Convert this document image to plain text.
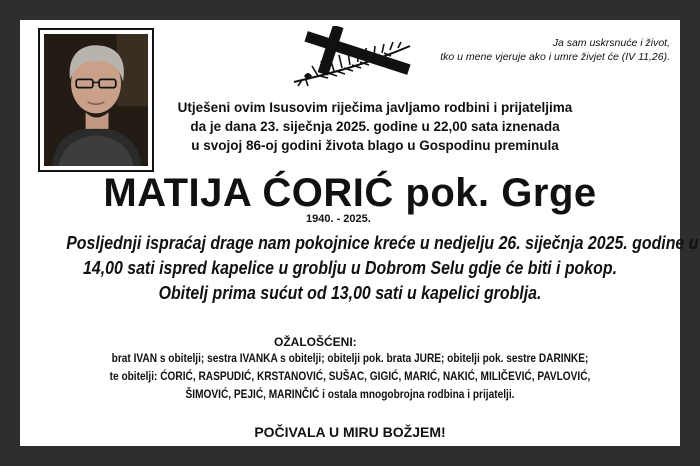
Ja sam uskrsnuće i život,
tko u mene vjeruje ako i umre živjet će (IV 11,26).
Utješeni ovim Isusovim riječima javljamo rodbini i prijateljima
da je dana 23. siječnja 2025. godine u 22,00 sata iznenada
u svojoj 86-oj godini života blago u Gospodinu preminula
MATIJA ĆORIĆ pok. Grge
1940. - 2025.
Posljednji ispraćaj drage nam pokojnice kreće u nedjelju 26. siječnja 2025. godine u
14,00 sati ispred kapelice u groblju u Dobrom Selu gdje će biti i pokop.
Obitelj prima sućut od 13,00 sati u kapelici groblja.
OŽALOŠĆENI:
brat IVAN s obitelji; sestra IVANKA s obitelji; obitelji pok. brata JURE; obitelji pok. sestre DARINKE;
te obitelji: ĆORIĆ, RASPUDIĆ, KRSTANOVIĆ, SUŠAC, GIGIĆ, MARIĆ, NAKIĆ, MILIČEVIĆ, PAVLOVIĆ,
ŠIMOVIĆ, PEJIĆ, MARINČIĆ i ostala mnogobrojna rodbina i prijatelji.
POČIVALA U MIRU BOŽJEM!
